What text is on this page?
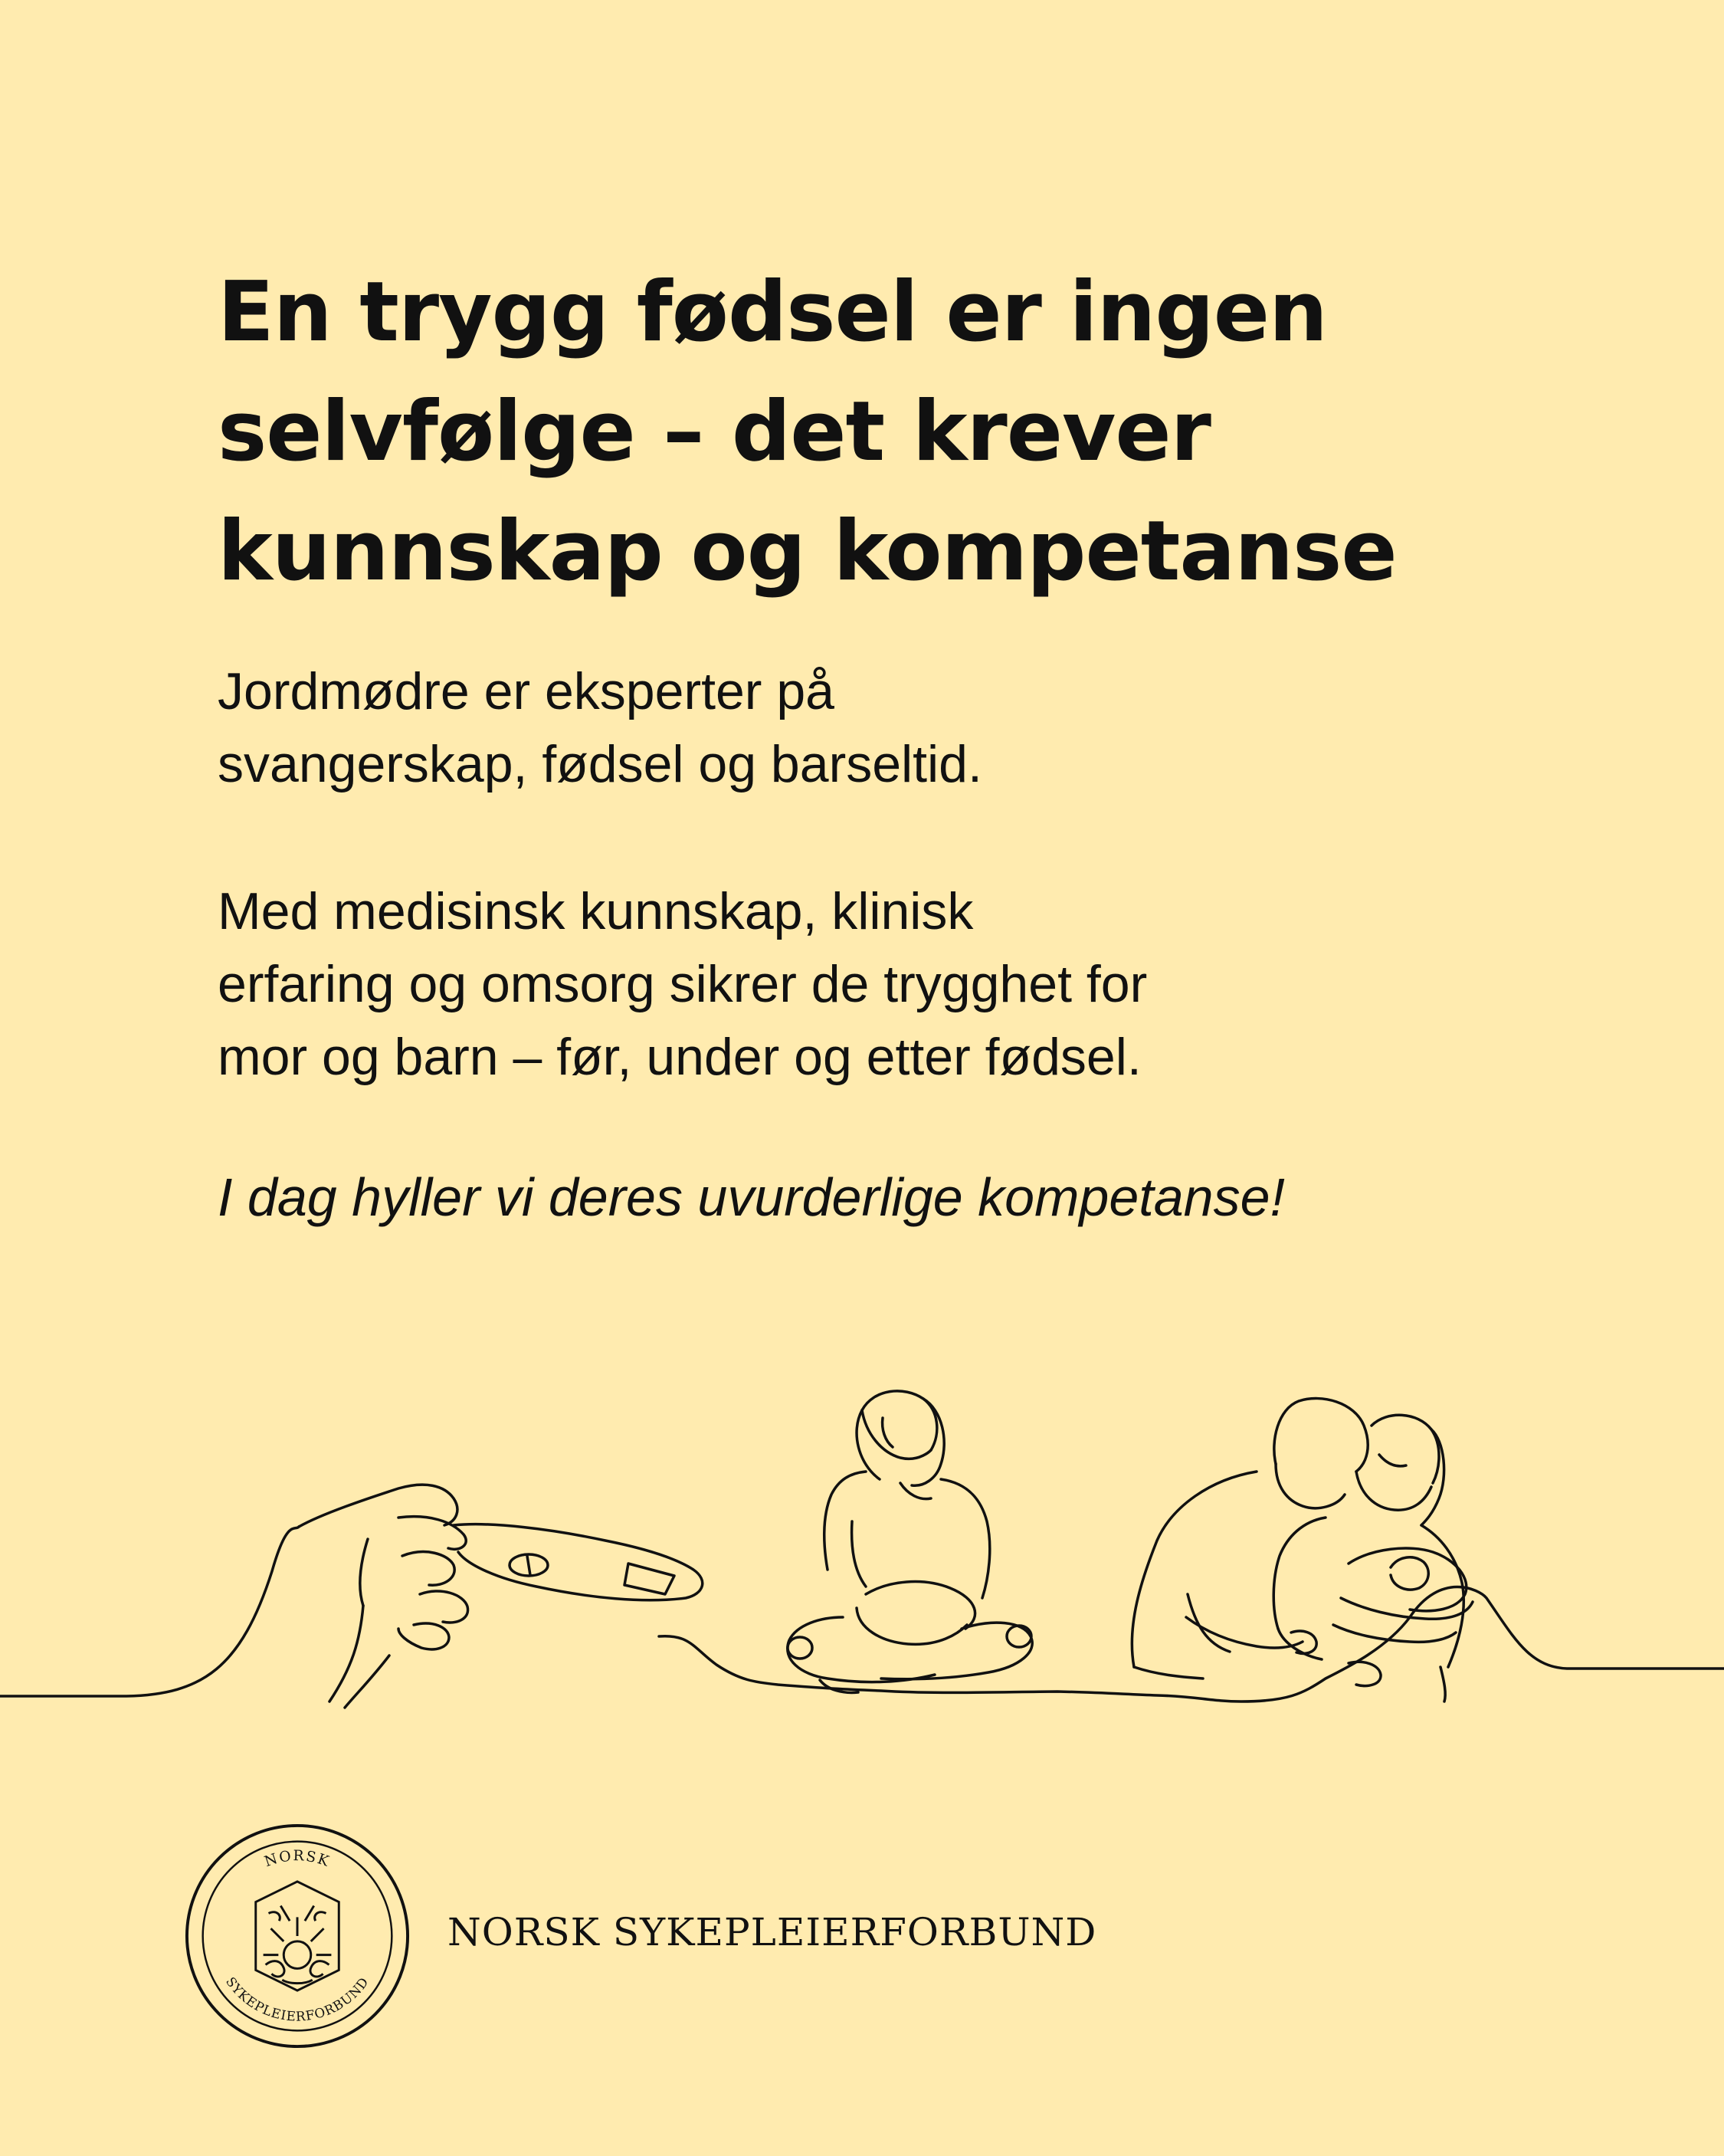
En trygg fødsel er ingen
selvfølge – det krever
kunnskap og kompetanse

Jordmødre er eksperter på
svangerskap, fødsel og barseltid.

Med medisinsk kunnskap, klinisk
erfaring og omsorg sikrer de trygghet for
mor og barn – før, under og etter fødsel.

I dag hyller vi deres uvurderlige kompetanse!

NORSK
SYKEPLEIERFORBUND

NORSK SYKEPLEIERFORBUND
